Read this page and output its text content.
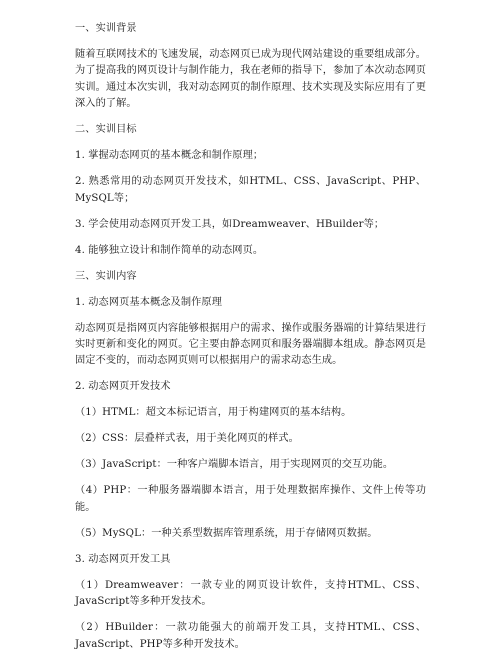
一、实训背景
随着互联网技术的飞速发展，动态网页已成为现代网站建设的重要组成部分。为了提高我的网页设计与制作能力，我在老师的指导下，参加了本次动态网页实训。通过本次实训，我对动态网页的制作原理、技术实现及实际应用有了更深入的了解。
二、实训目标
1. 掌握动态网页的基本概念和制作原理；
2. 熟悉常用的动态网页开发技术，如HTML、CSS、JavaScript、PHP、MySQL等；
3. 学会使用动态网页开发工具，如Dreamweaver、HBuilder等；
4. 能够独立设计和制作简单的动态网页。
三、实训内容
1. 动态网页基本概念及制作原理
动态网页是指网页内容能够根据用户的需求、操作或服务器端的计算结果进行实时更新和变化的网页。它主要由静态网页和服务器端脚本组成。静态网页是固定不变的，而动态网页则可以根据用户的需求动态生成。
2. 动态网页开发技术
（1）HTML：超文本标记语言，用于构建网页的基本结构。
（2）CSS：层叠样式表，用于美化网页的样式。
（3）JavaScript：一种客户端脚本语言，用于实现网页的交互功能。
（4）PHP：一种服务器端脚本语言，用于处理数据库操作、文件上传等功能。
（5）MySQL：一种关系型数据库管理系统，用于存储网页数据。
3. 动态网页开发工具
（1）Dreamweaver：一款专业的网页设计软件，支持HTML、CSS、JavaScript等多种开发技术。
（2）HBuilder：一款功能强大的前端开发工具，支持HTML、CSS、JavaScript、PHP等多种开发技术。
